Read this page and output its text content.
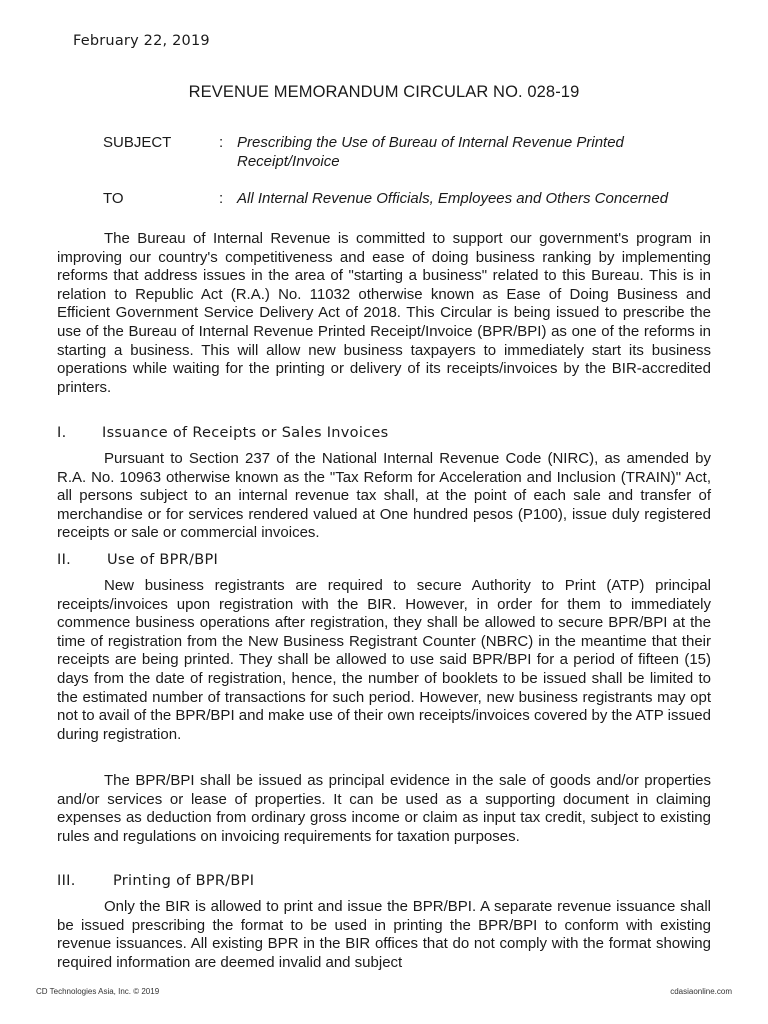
February 22, 2019
REVENUE MEMORANDUM CIRCULAR NO. 028-19
SUBJECT	: Prescribing the Use of Bureau of Internal Revenue Printed Receipt/Invoice
TO	: All Internal Revenue Officials, Employees and Others Concerned

The Bureau of Internal Revenue is committed to support our government's program in improving our country's competitiveness and ease of doing business ranking by implementing reforms that address issues in the area of "starting a business" related to this Bureau. This is in relation to Republic Act (R.A.) No. 11032 otherwise known as Ease of Doing Business and Efficient Government Service Delivery Act of 2018. This Circular is being issued to prescribe the use of the Bureau of Internal Revenue Printed Receipt/Invoice (BPR/BPI) as one of the reforms in starting a business. This will allow new business taxpayers to immediately start its business operations while waiting for the printing or delivery of its receipts/invoices by the BIR-accredited printers.

I. Issuance of Receipts or Sales Invoices

Pursuant to Section 237 of the National Internal Revenue Code (NIRC), as amended by R.A. No. 10963 otherwise known as the "Tax Reform for Acceleration and Inclusion (TRAIN)" Act, all persons subject to an internal revenue tax shall, at the point of each sale and transfer of merchandise or for services rendered valued at One hundred pesos (P100), issue duly registered receipts or sale or commercial invoices.

II. Use of BPR/BPI

New business registrants are required to secure Authority to Print (ATP) principal receipts/invoices upon registration with the BIR. However, in order for them to immediately commence business operations after registration, they shall be allowed to secure BPR/BPI at the time of registration from the New Business Registrant Counter (NBRC) in the meantime that their receipts are being printed. They shall be allowed to use said BPR/BPI for a period of fifteen (15) days from the date of registration, hence, the number of booklets to be issued shall be limited to the estimated number of transactions for such period. However, new business registrants may opt not to avail of the BPR/BPI and make use of their own receipts/invoices covered by the ATP issued during registration.

The BPR/BPI shall be issued as principal evidence in the sale of goods and/or properties and/or services or lease of properties. It can be used as a supporting document in claiming expenses as deduction from ordinary gross income or claim as input tax credit, subject to existing rules and regulations on invoicing requirements for taxation purposes.

III.	Printing of BPR/BPI

Only the BIR is allowed to print and issue the BPR/BPI. A separate revenue issuance shall be issued prescribing the format to be used in printing the BPR/BPI to conform with existing revenue issuances. All existing BPR in the BIR offices that do not comply with the format showing required information are deemed invalid and subject

CD Technologies Asia, Inc. © 2019	cdasiaonline.com
